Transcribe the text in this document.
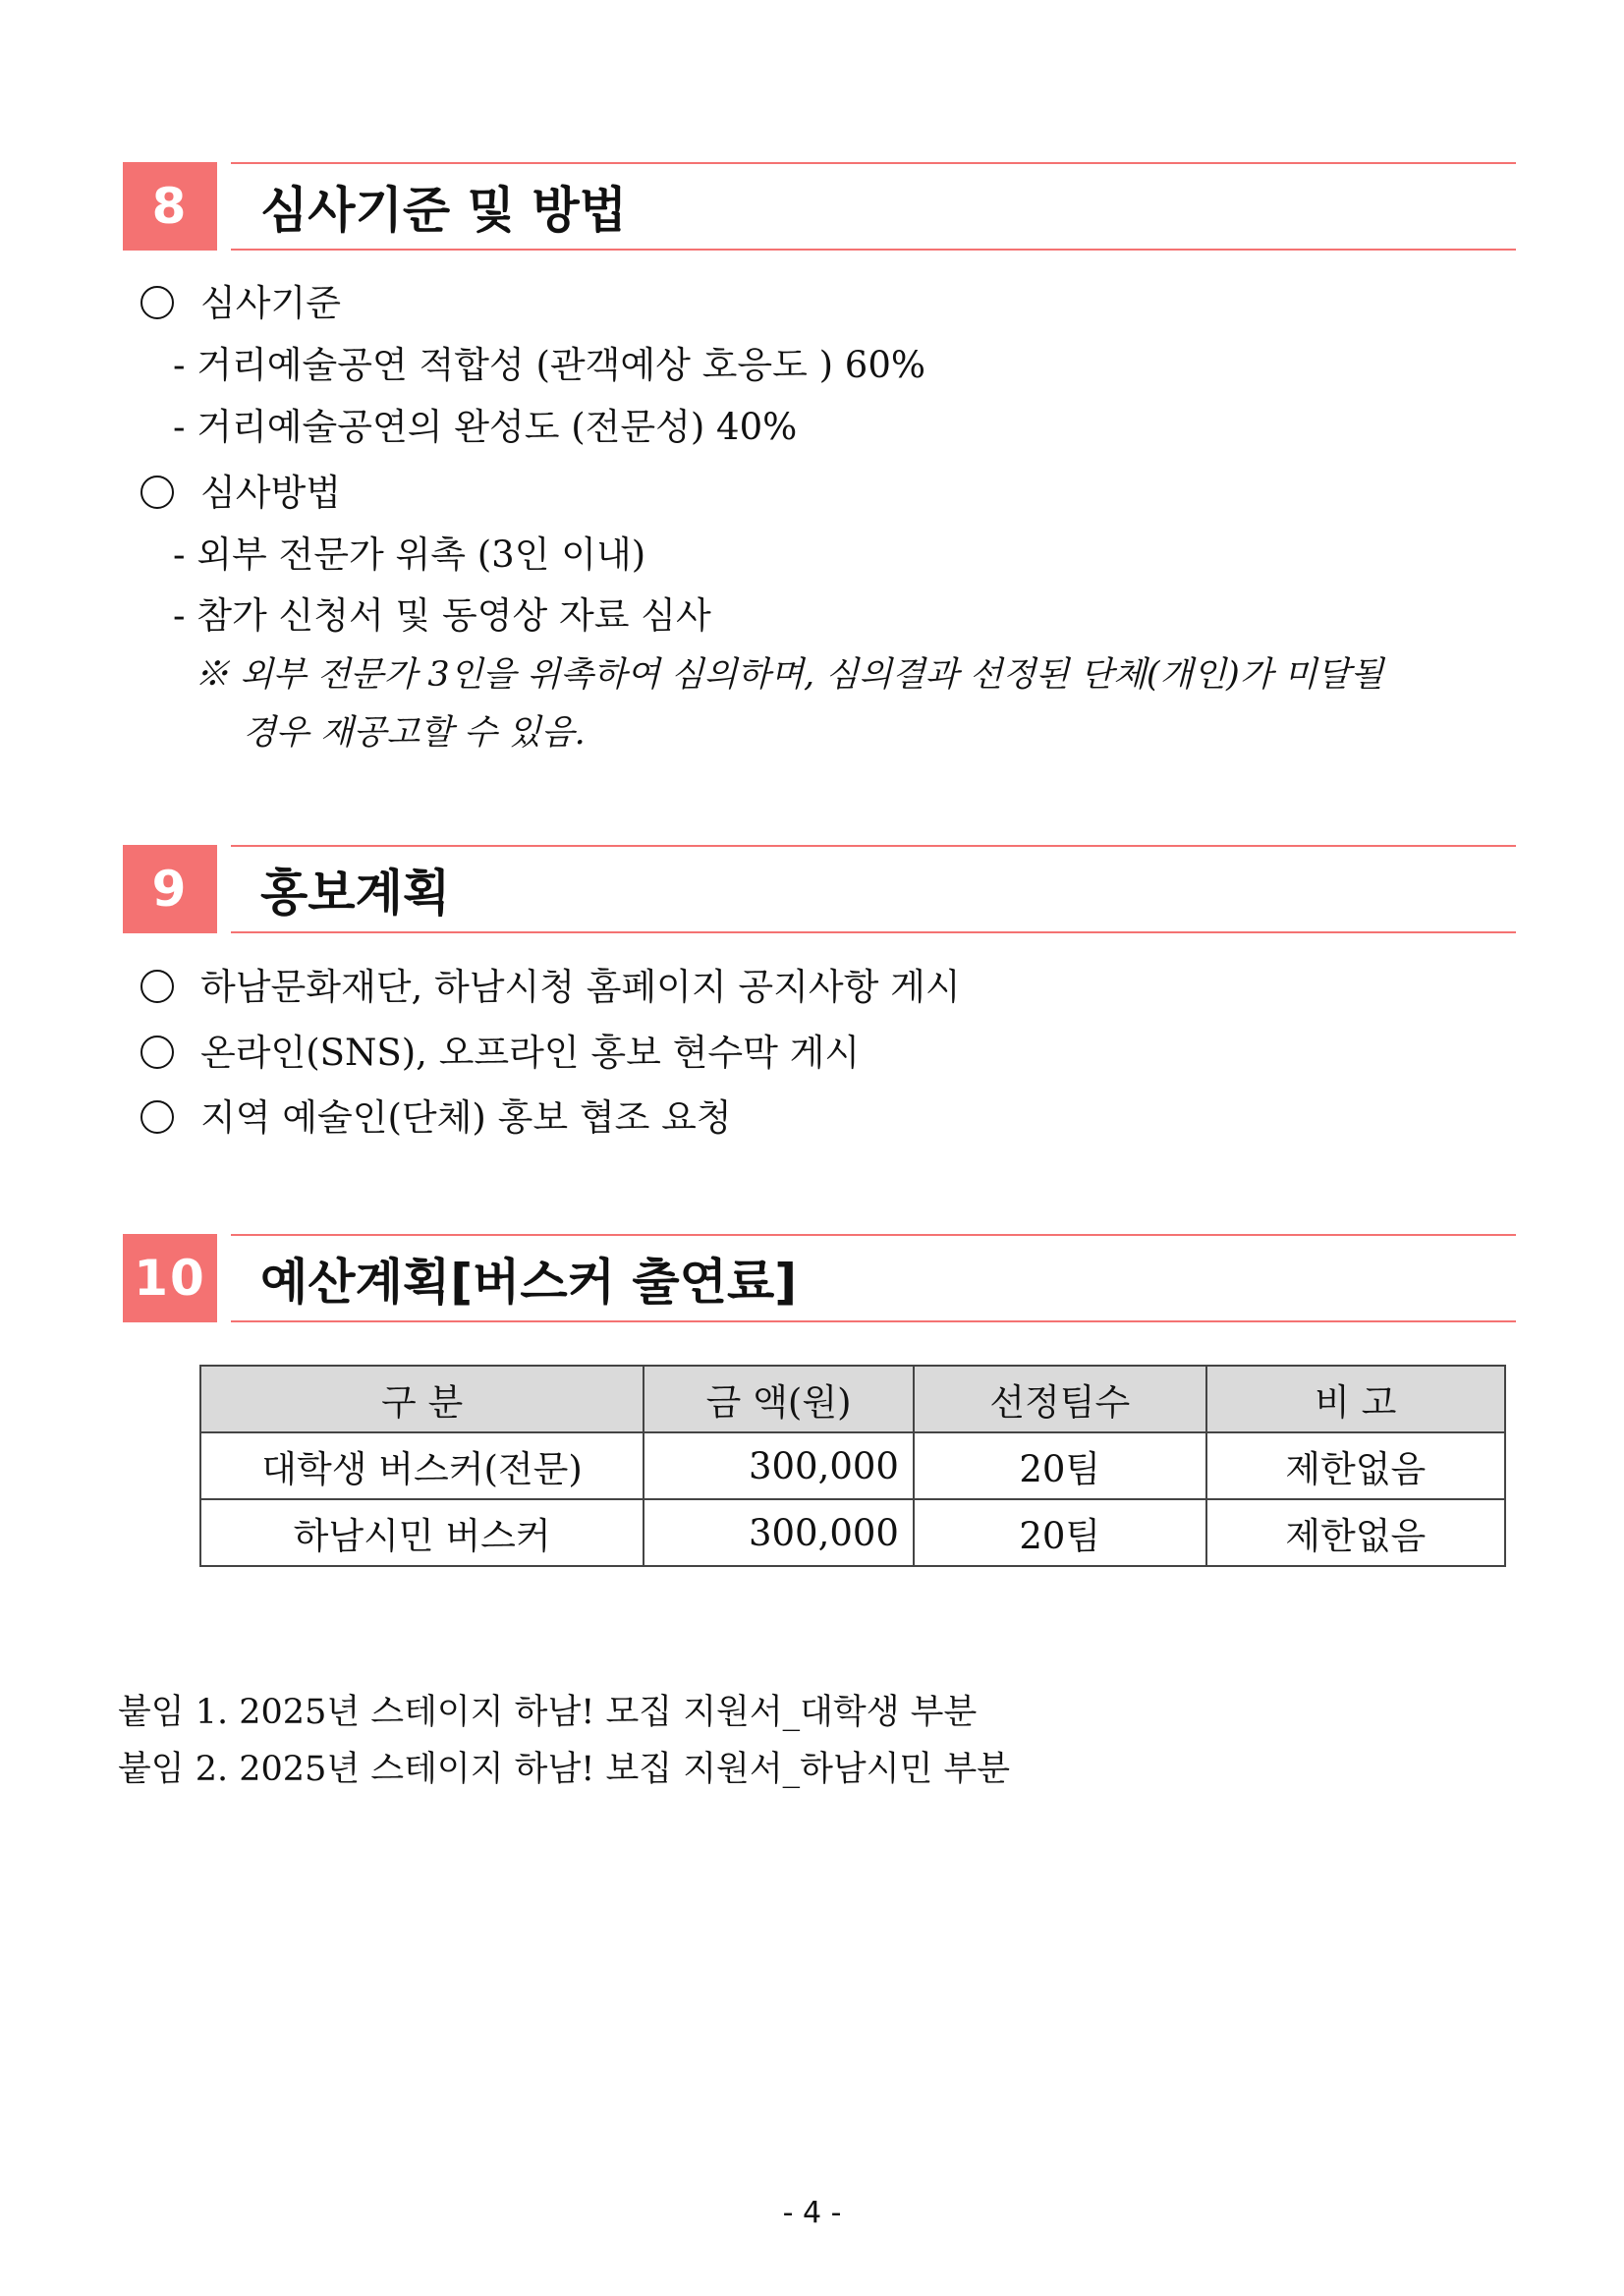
8	심사기준 및 방법
심사기준
- 거리예술공연 적합성 (관객예상 호응도 ) 60%
- 거리예술공연의 완성도 (전문성) 40%
심사방법
- 외부 전문가 위촉 (3인 이내)
- 참가 신청서 및 동영상 자료 심사
※ 외부 전문가 3인을 위촉하여 심의하며, 심의결과 선정된 단체(개인)가 미달될
경우 재공고할 수 있음.
9	홍보계획
하남문화재단, 하남시청 홈페이지 공지사항 게시
온라인(SNS), 오프라인 홍보 현수막 게시
지역 예술인(단체) 홍보 협조 요청
10 예산계획[버스커 출연료]
구 분	금 액(원)	선정팀수	비 고
대학생 버스커(전문)	300,000	20팀	제한없음
하남시민 버스커	300,000	20팀	제한없음
붙임 1. 2025년 스테이지 하남! 모집 지원서_대학생 부분
붙임 2. 2025년 스테이지 하남! 보집 지원서_하남시민 부분
- 4 -
